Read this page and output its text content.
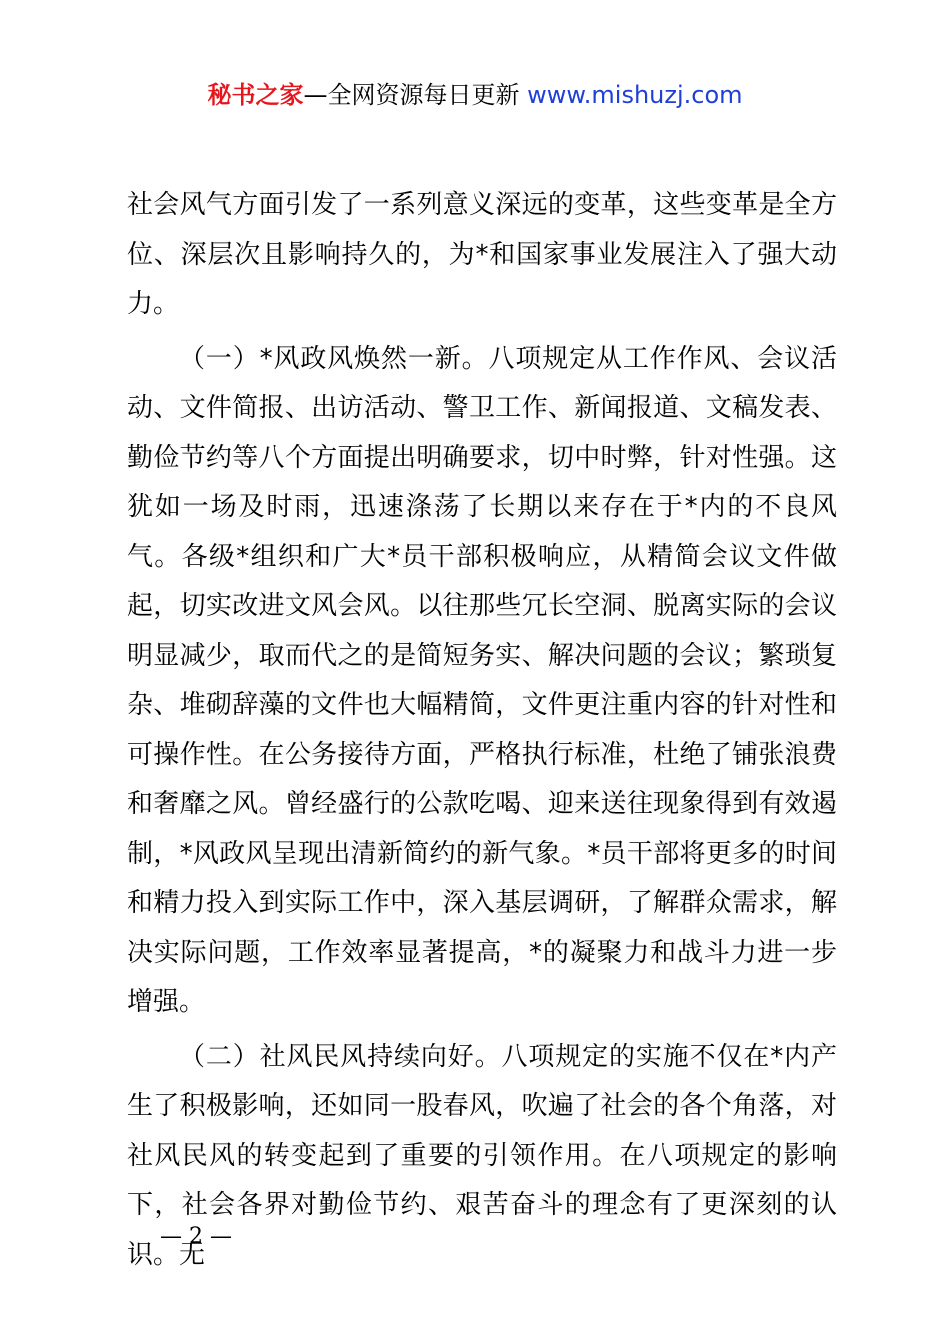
秘书之家—全网资源每日更新 www.mishuzj.com

社会风气方面引发了一系列意义深远的变革，这些变革是全方位、深层次且影响持久的，为*和国家事业发展注入了强大动力。

（一）*风政风焕然一新。八项规定从工作作风、会议活动、文件简报、出访活动、警卫工作、新闻报道、文稿发表、勤俭节约等八个方面提出明确要求，切中时弊，针对性强。这犹如一场及时雨，迅速涤荡了长期以来存在于*内的不良风气。各级*组织和广大*员干部积极响应，从精简会议文件做起，切实改进文风会风。以往那些冗长空洞、脱离实际的会议明显减少，取而代之的是简短务实、解决问题的会议；繁琐复杂、堆砌辞藻的文件也大幅精简，文件更注重内容的针对性和可操作性。在公务接待方面，严格执行标准，杜绝了铺张浪费和奢靡之风。曾经盛行的公款吃喝、迎来送往现象得到有效遏制，*风政风呈现出清新简约的新气象。*员干部将更多的时间和精力投入到实际工作中，深入基层调研，了解群众需求，解决实际问题，工作效率显著提高，*的凝聚力和战斗力进一步增强。

（二）社风民风持续向好。八项规定的实施不仅在*内产生了积极影响，还如同一股春风，吹遍了社会的各个角落，对社风民风的转变起到了重要的引领作用。在八项规定的影响下，社会各界对勤俭节约、艰苦奋斗的理念有了更深刻的认识。无

— 2 —
